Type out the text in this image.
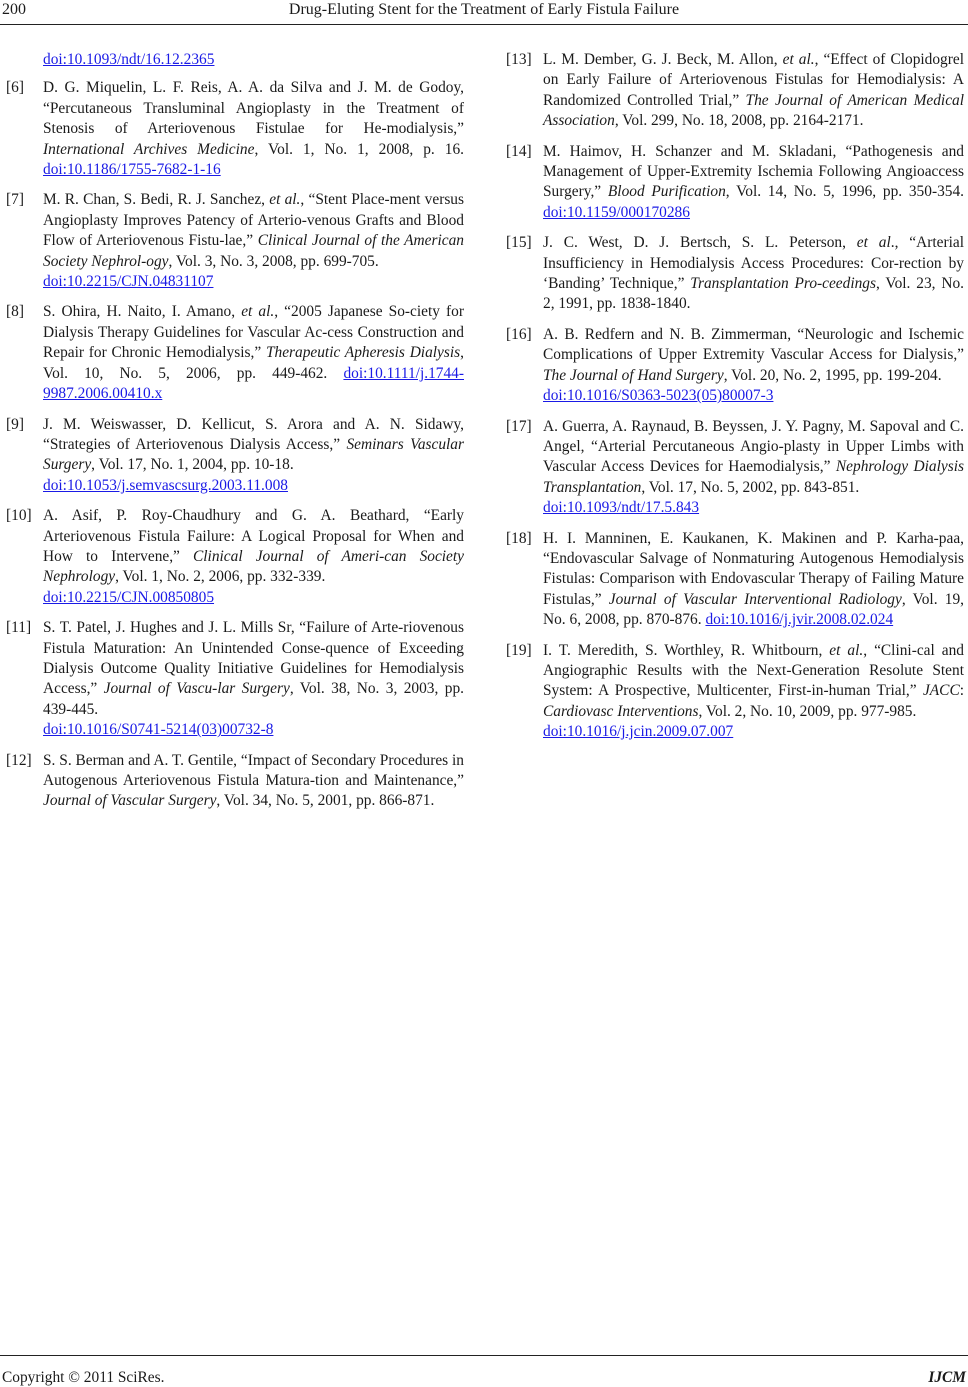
200	Drug-Eluting Stent for the Treatment of Early Fistula Failure
doi:10.1093/ndt/16.12.2365
[6]	D. G. Miquelin, L. F. Reis, A. A. da Silva and J. M. de Godoy, “Percutaneous Transluminal Angioplasty in the Treatment of Stenosis of Arteriovenous Fistulae for He-modialysis,” International Archives Medicine, Vol. 1, No. 1, 2008, p. 16. doi:10.1186/1755-7682-1-16
[7]	M. R. Chan, S. Bedi, R. J. Sanchez, et al., “Stent Place-ment versus Angioplasty Improves Patency of Arterio-venous Grafts and Blood Flow of Arteriovenous Fistu-lae,” Clinical Journal of the American Society Nephrol-ogy, Vol. 3, No. 3, 2008, pp. 699-705.
doi:10.2215/CJN.04831107
[8]	S. Ohira, H. Naito, I. Amano, et al., “2005 Japanese So-ciety for Dialysis Therapy Guidelines for Vascular Ac-cess Construction and Repair for Chronic Hemodialysis,” Therapeutic Apheresis Dialysis, Vol. 10, No. 5, 2006, pp. 449-462. doi:10.1111/j.1744-9987.2006.00410.x
[9]	J. M. Weiswasser, D. Kellicut, S. Arora and A. N. Sidawy, “Strategies of Arteriovenous Dialysis Access,” Seminars Vascular Surgery, Vol. 17, No. 1, 2004, pp. 10-18.
doi:10.1053/j.semvascsurg.2003.11.008
[10] A. Asif, P. Roy-Chaudhury and G. A. Beathard, “Early Arteriovenous Fistula Failure: A Logical Proposal for When and How to Intervene,” Clinical Journal of Ameri-can Society Nephrology, Vol. 1, No. 2, 2006, pp. 332-339.
doi:10.2215/CJN.00850805
[11] S. T. Patel, J. Hughes and J. L. Mills Sr, “Failure of Arte-riovenous Fistula Maturation: An Unintended Conse-quence of Exceeding Dialysis Outcome Quality Initiative Guidelines for Hemodialysis Access,” Journal of Vascu-lar Surgery, Vol. 38, No. 3, 2003, pp. 439-445.
doi:10.1016/S0741-5214(03)00732-8
[12] S. S. Berman and A. T. Gentile, “Impact of Secondary Procedures in Autogenous Arteriovenous Fistula Matura-tion and Maintenance,” Journal of Vascular Surgery, Vol. 34, No. 5, 2001, pp. 866-871.
[13] L. M. Dember, G. J. Beck, M. Allon, et al., “Effect of Clopidogrel on Early Failure of Arteriovenous Fistulas for Hemodialysis: A Randomized Controlled Trial,” The Journal of American Medical Association, Vol. 299, No. 18, 2008, pp. 2164-2171.
[14] M. Haimov, H. Schanzer and M. Skladani, “Pathogenesis and Management of Upper-Extremity Ischemia Following Angioaccess Surgery,” Blood Purification, Vol. 14, No. 5, 1996, pp. 350-354. doi:10.1159/000170286
[15] J. C. West, D. J. Bertsch, S. L. Peterson, et al., “Arterial Insufficiency in Hemodialysis Access Procedures: Cor-rection by ‘Banding’ Technique,” Transplantation Pro-ceedings, Vol. 23, No. 2, 1991, pp. 1838-1840.
[16] A. B. Redfern and N. B. Zimmerman, “Neurologic and Ischemic Complications of Upper Extremity Vascular Access for Dialysis,” The Journal of Hand Surgery, Vol. 20, No. 2, 1995, pp. 199-204.
doi:10.1016/S0363-5023(05)80007-3
[17] A. Guerra, A. Raynaud, B. Beyssen, J. Y. Pagny, M. Sapoval and C. Angel, “Arterial Percutaneous Angio-plasty in Upper Limbs with Vascular Access Devices for Haemodialysis,” Nephrology Dialysis Transplantation, Vol. 17, No. 5, 2002, pp. 843-851.
doi:10.1093/ndt/17.5.843
[18] H. I. Manninen, E. Kaukanen, K. Makinen and P. Karha-paa, “Endovascular Salvage of Nonmaturing Autogenous Hemodialysis Fistulas: Comparison with Endovascular Therapy of Failing Mature Fistulas,” Journal of Vascular Interventional Radiology, Vol. 19, No. 6, 2008, pp. 870-876. doi:10.1016/j.jvir.2008.02.024
[19] I. T. Meredith, S. Worthley, R. Whitbourn, et al., “Clini-cal and Angiographic Results with the Next-Generation Resolute Stent System: A Prospective, Multicenter, First-in-human Trial,” JACC: Cardiovasc Interventions, Vol. 2, No. 10, 2009, pp. 977-985.
doi:10.1016/j.jcin.2009.07.007
Copyright © 2011 SciRes.	IJCM
